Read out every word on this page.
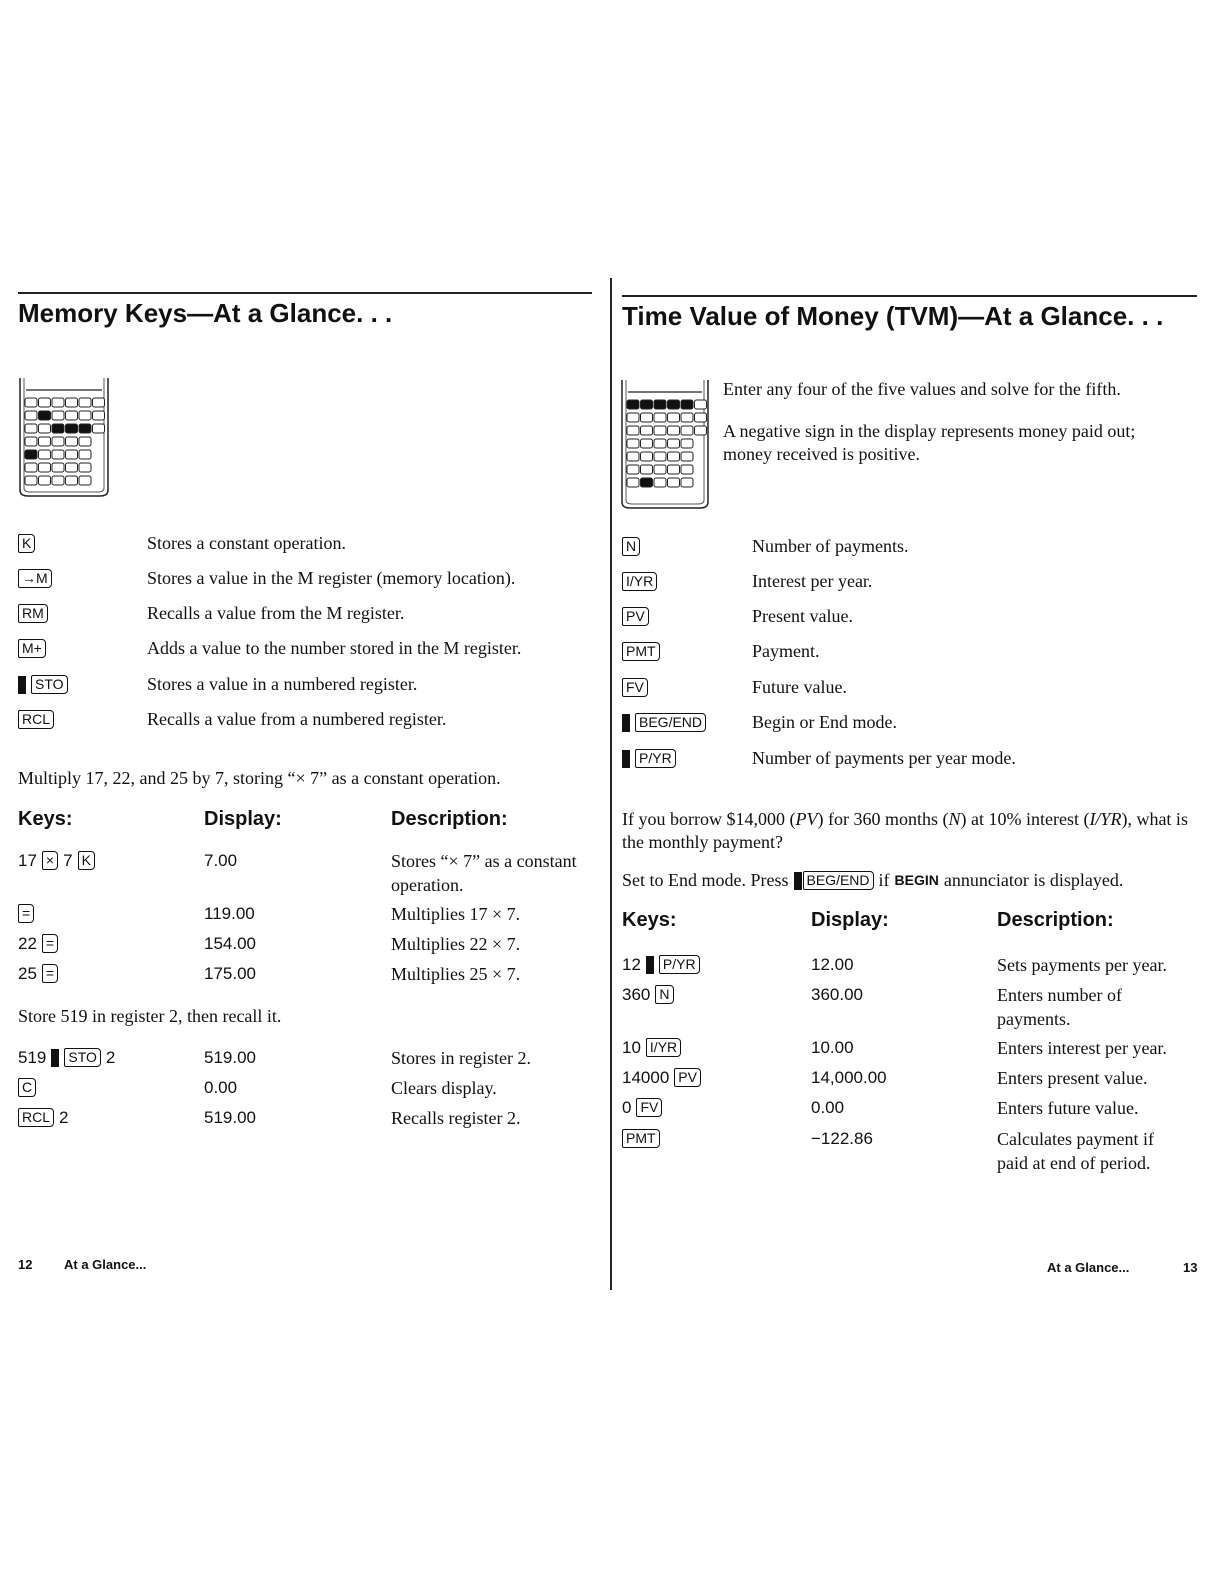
Memory Keys—At a Glance. . .
K	Stores a constant operation.
→M	Stores a value in the M register (memory location).
RM	Recalls a value from the M register.
M+	Adds a value to the number stored in the M register.
STO	Stores a value in a numbered register.
RCL	Recalls a value from a numbered register.
Multiply 17, 22, and 25 by 7, storing “× 7” as a constant operation.
Keys:	Display:	Description:
17 × 7 K	7.00	Stores “× 7” as a constant operation.
=	119.00	Multiplies 17 × 7.
22 =	154.00	Multiplies 22 × 7.
25 =	175.00	Multiplies 25 × 7.
Store 519 in register 2, then recall it.
519 STO 2	519.00	Stores in register 2.
C	0.00	Clears display.
RCL 2	519.00	Recalls register 2.
12 At a Glance...
Time Value of Money (TVM)—At a Glance. . .
Enter any four of the five values and solve for the fifth.
A negative sign in the display represents money paid out; money received is positive.
N	Number of payments.
I/YR	Interest per year.
PV	Present value.
PMT	Payment.
FV	Future value.
BEG/END	Begin or End mode.
P/YR	Number of payments per year mode.
If you borrow $14,000 (PV) for 360 months (N) at 10% interest (I/YR), what is the monthly payment?
Set to End mode. Press BEG/END if BEGIN annunciator is displayed.
Keys:	Display:	Description:
12 P/YR	12.00	Sets payments per year.
360 N	360.00	Enters number of payments.
10 I/YR	10.00	Enters interest per year.
14000 PV	14,000.00	Enters present value.
0 FV	0.00	Enters future value.
PMT	−122.86	Calculates payment if paid at end of period.
At a Glance...	13
